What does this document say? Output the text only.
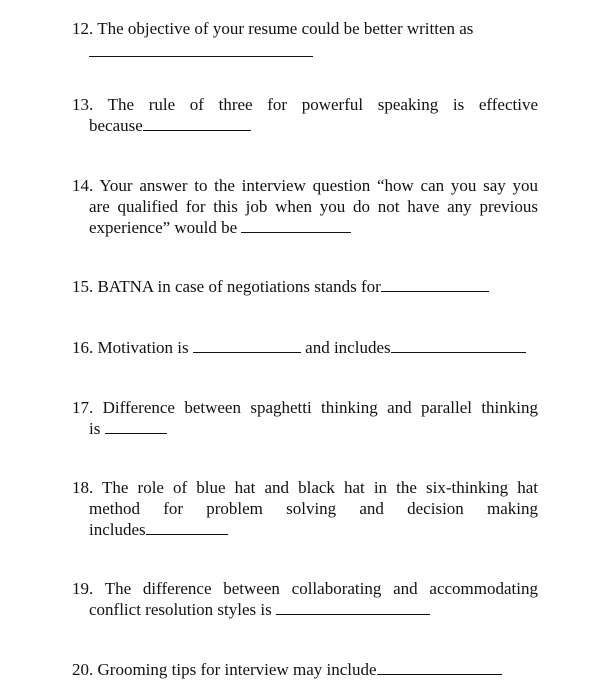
12. The objective of your resume could be better written as
13. The rule of three for powerful speaking is effective
because
14. Your answer to the interview question “how can you say you
are qualified for this job when you do not have any previous
experience” would be
15. BATNA in case of negotiations stands for
16. Motivation is	and includes
17. Difference between spaghetti thinking and parallel thinking
is
18. The role of blue hat and black hat in the six-thinking hat
method for problem solving and decision making
includes
19. The difference between collaborating and accommodating
conflict resolution styles is
20. Grooming tips for interview may include
